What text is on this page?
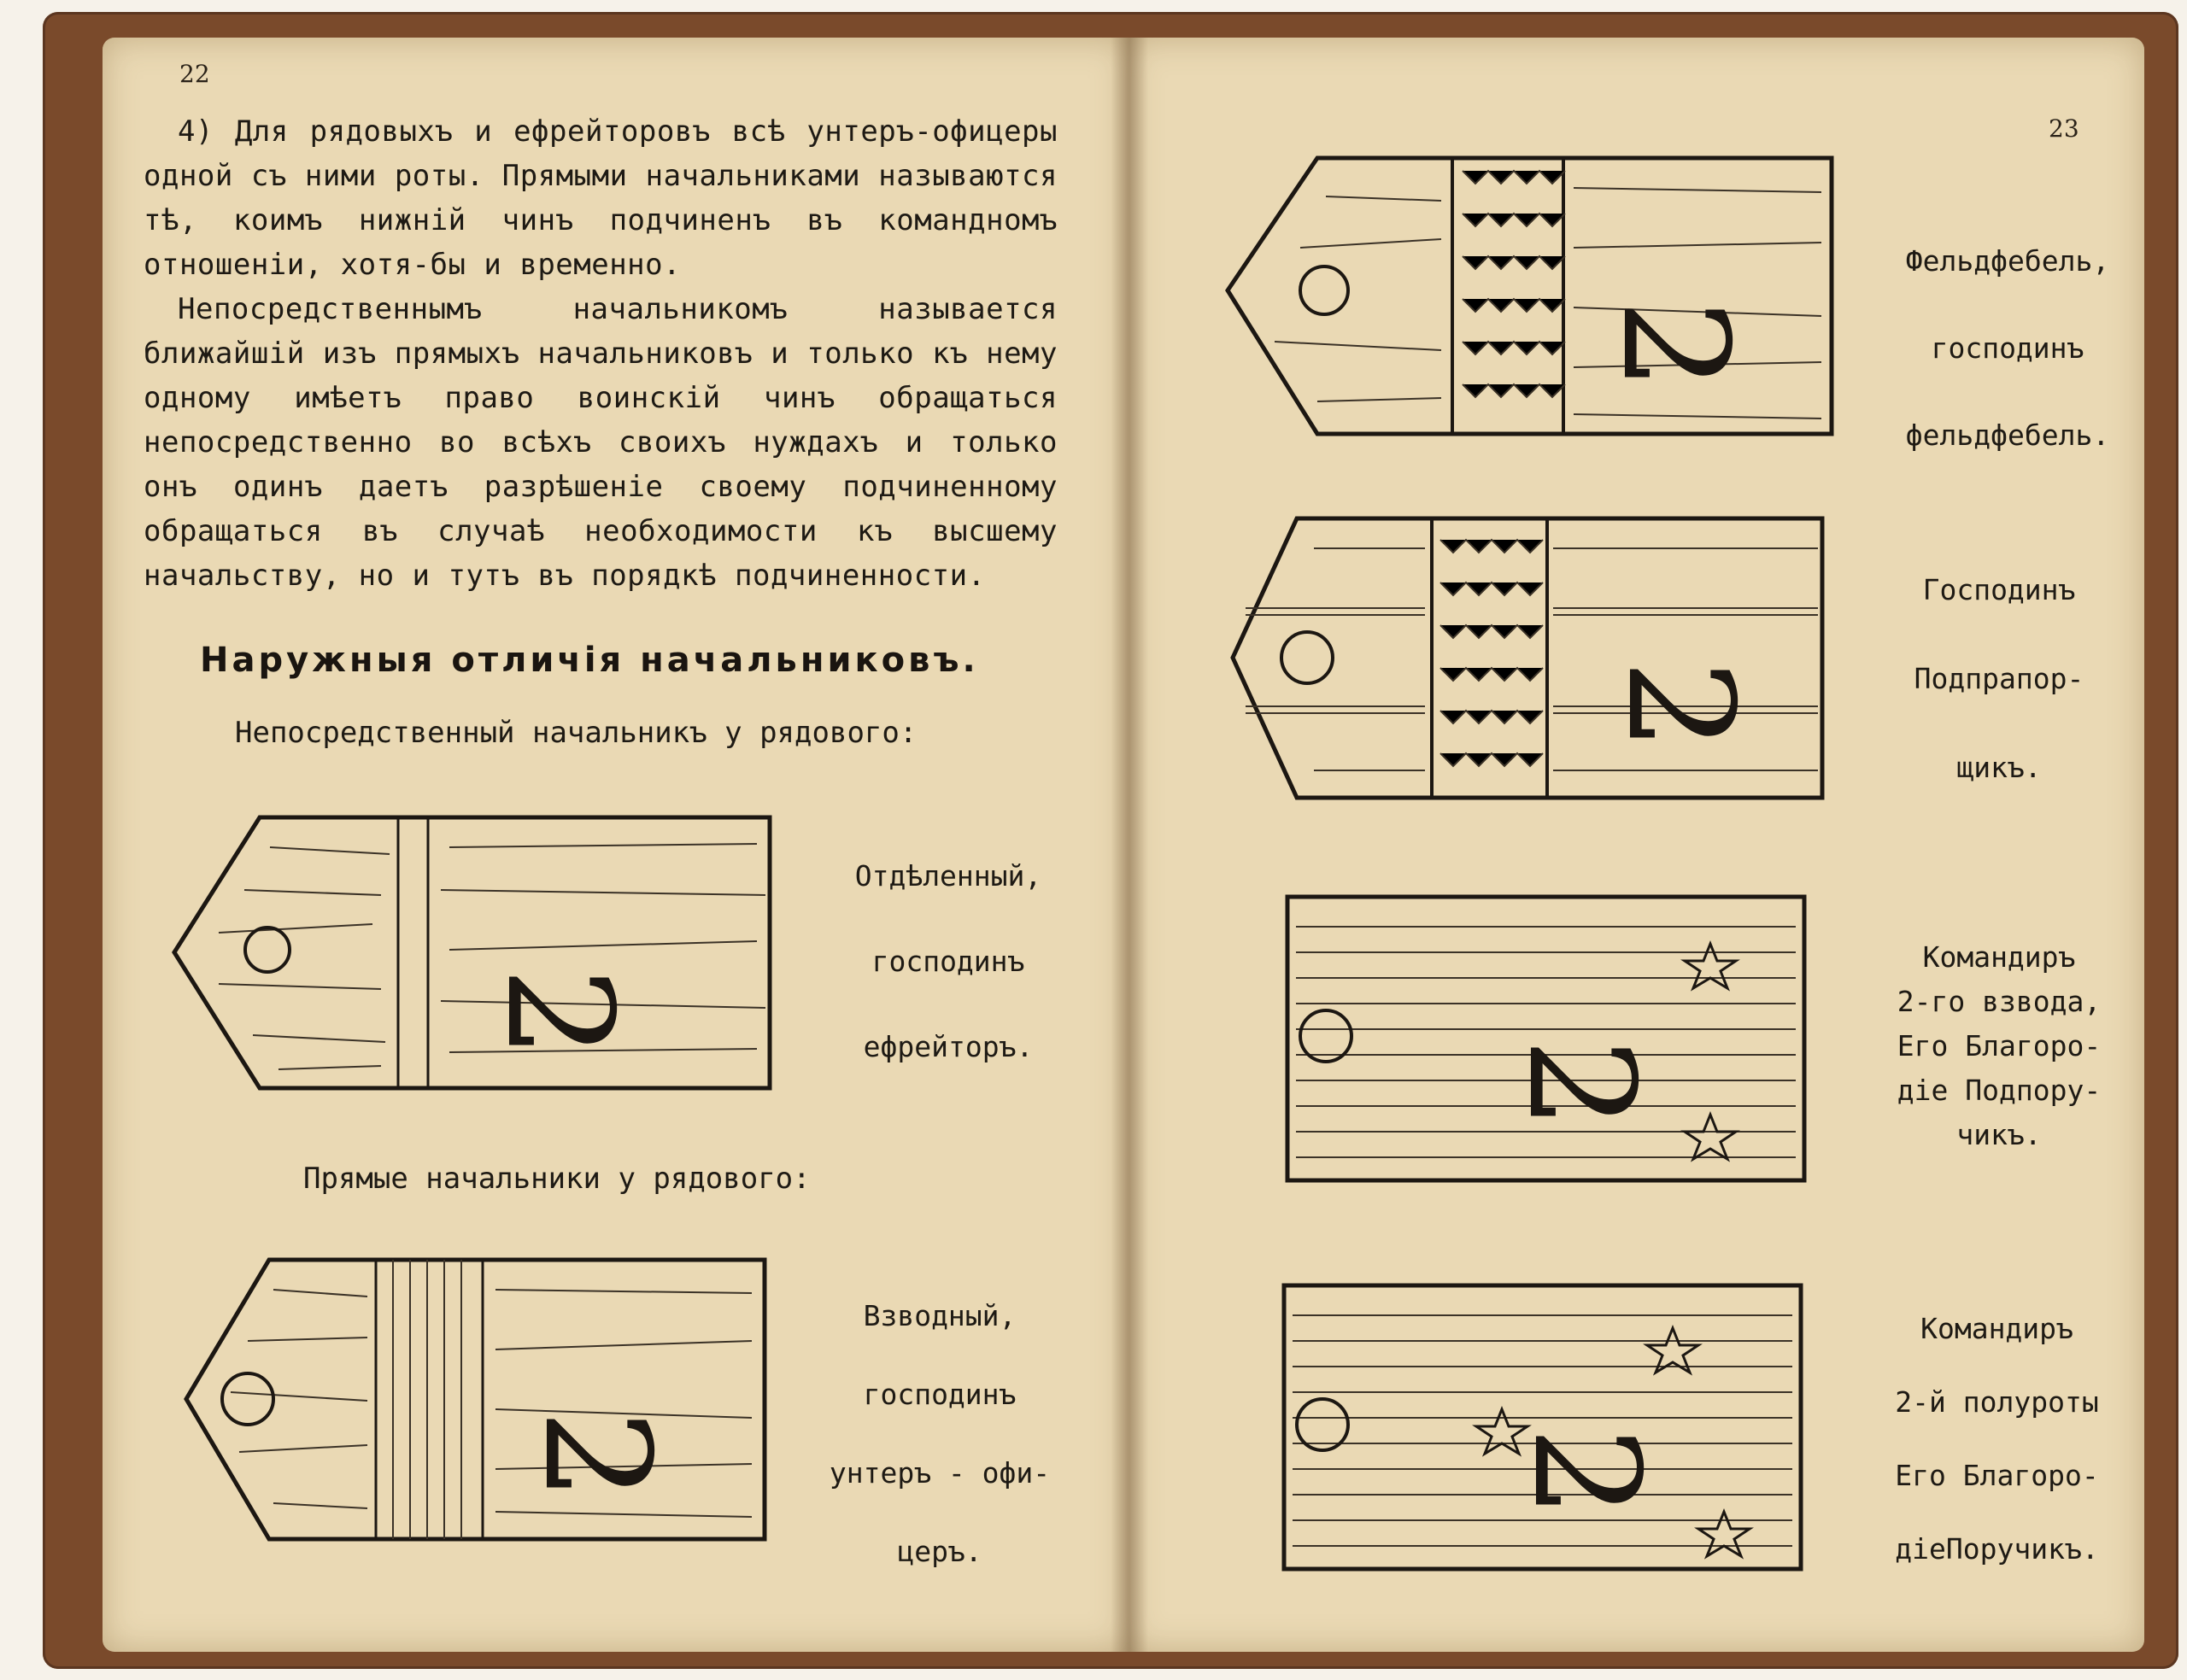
22

4) Для рядовыхъ и ефрейторовъ всѣ унтеръ-офицеры одной съ ними роты. Прямыми начальниками называются тѣ, коимъ нижній чинъ подчиненъ въ командномъ отношеніи, хотя-бы и временно.

Непосредственнымъ начальникомъ называется ближайшій изъ прямыхъ начальниковъ и только къ нему одному имѣетъ право воинскій чинъ обращаться непосредственно во всѣхъ своихъ нуждахъ и только онъ одинъ даетъ разрѣшеніе своему подчиненному обращаться въ случаѣ необходимости къ высшему начальству, но и тутъ въ порядкѣ подчиненности.

Наружныя отличія начальниковъ.
Непосредственный начальникъ у рядового:
Прямые начальники у рядового:
2
Отдѣленный,
господинъ
ефрейторъ.
2
Взводный,
господинъ
унтеръ - офи-
церъ.
23
2
Фельдфебель,
господинъ
фельдфебель.
2
Господинъ
Подпрапор-
щикъ.
2
Командиръ
2-го взвода,
Его Благоро-
діе Подпору-
чикъ.
2
Командиръ
2-й полуроты
Его Благоро-
діеПоручикъ.
